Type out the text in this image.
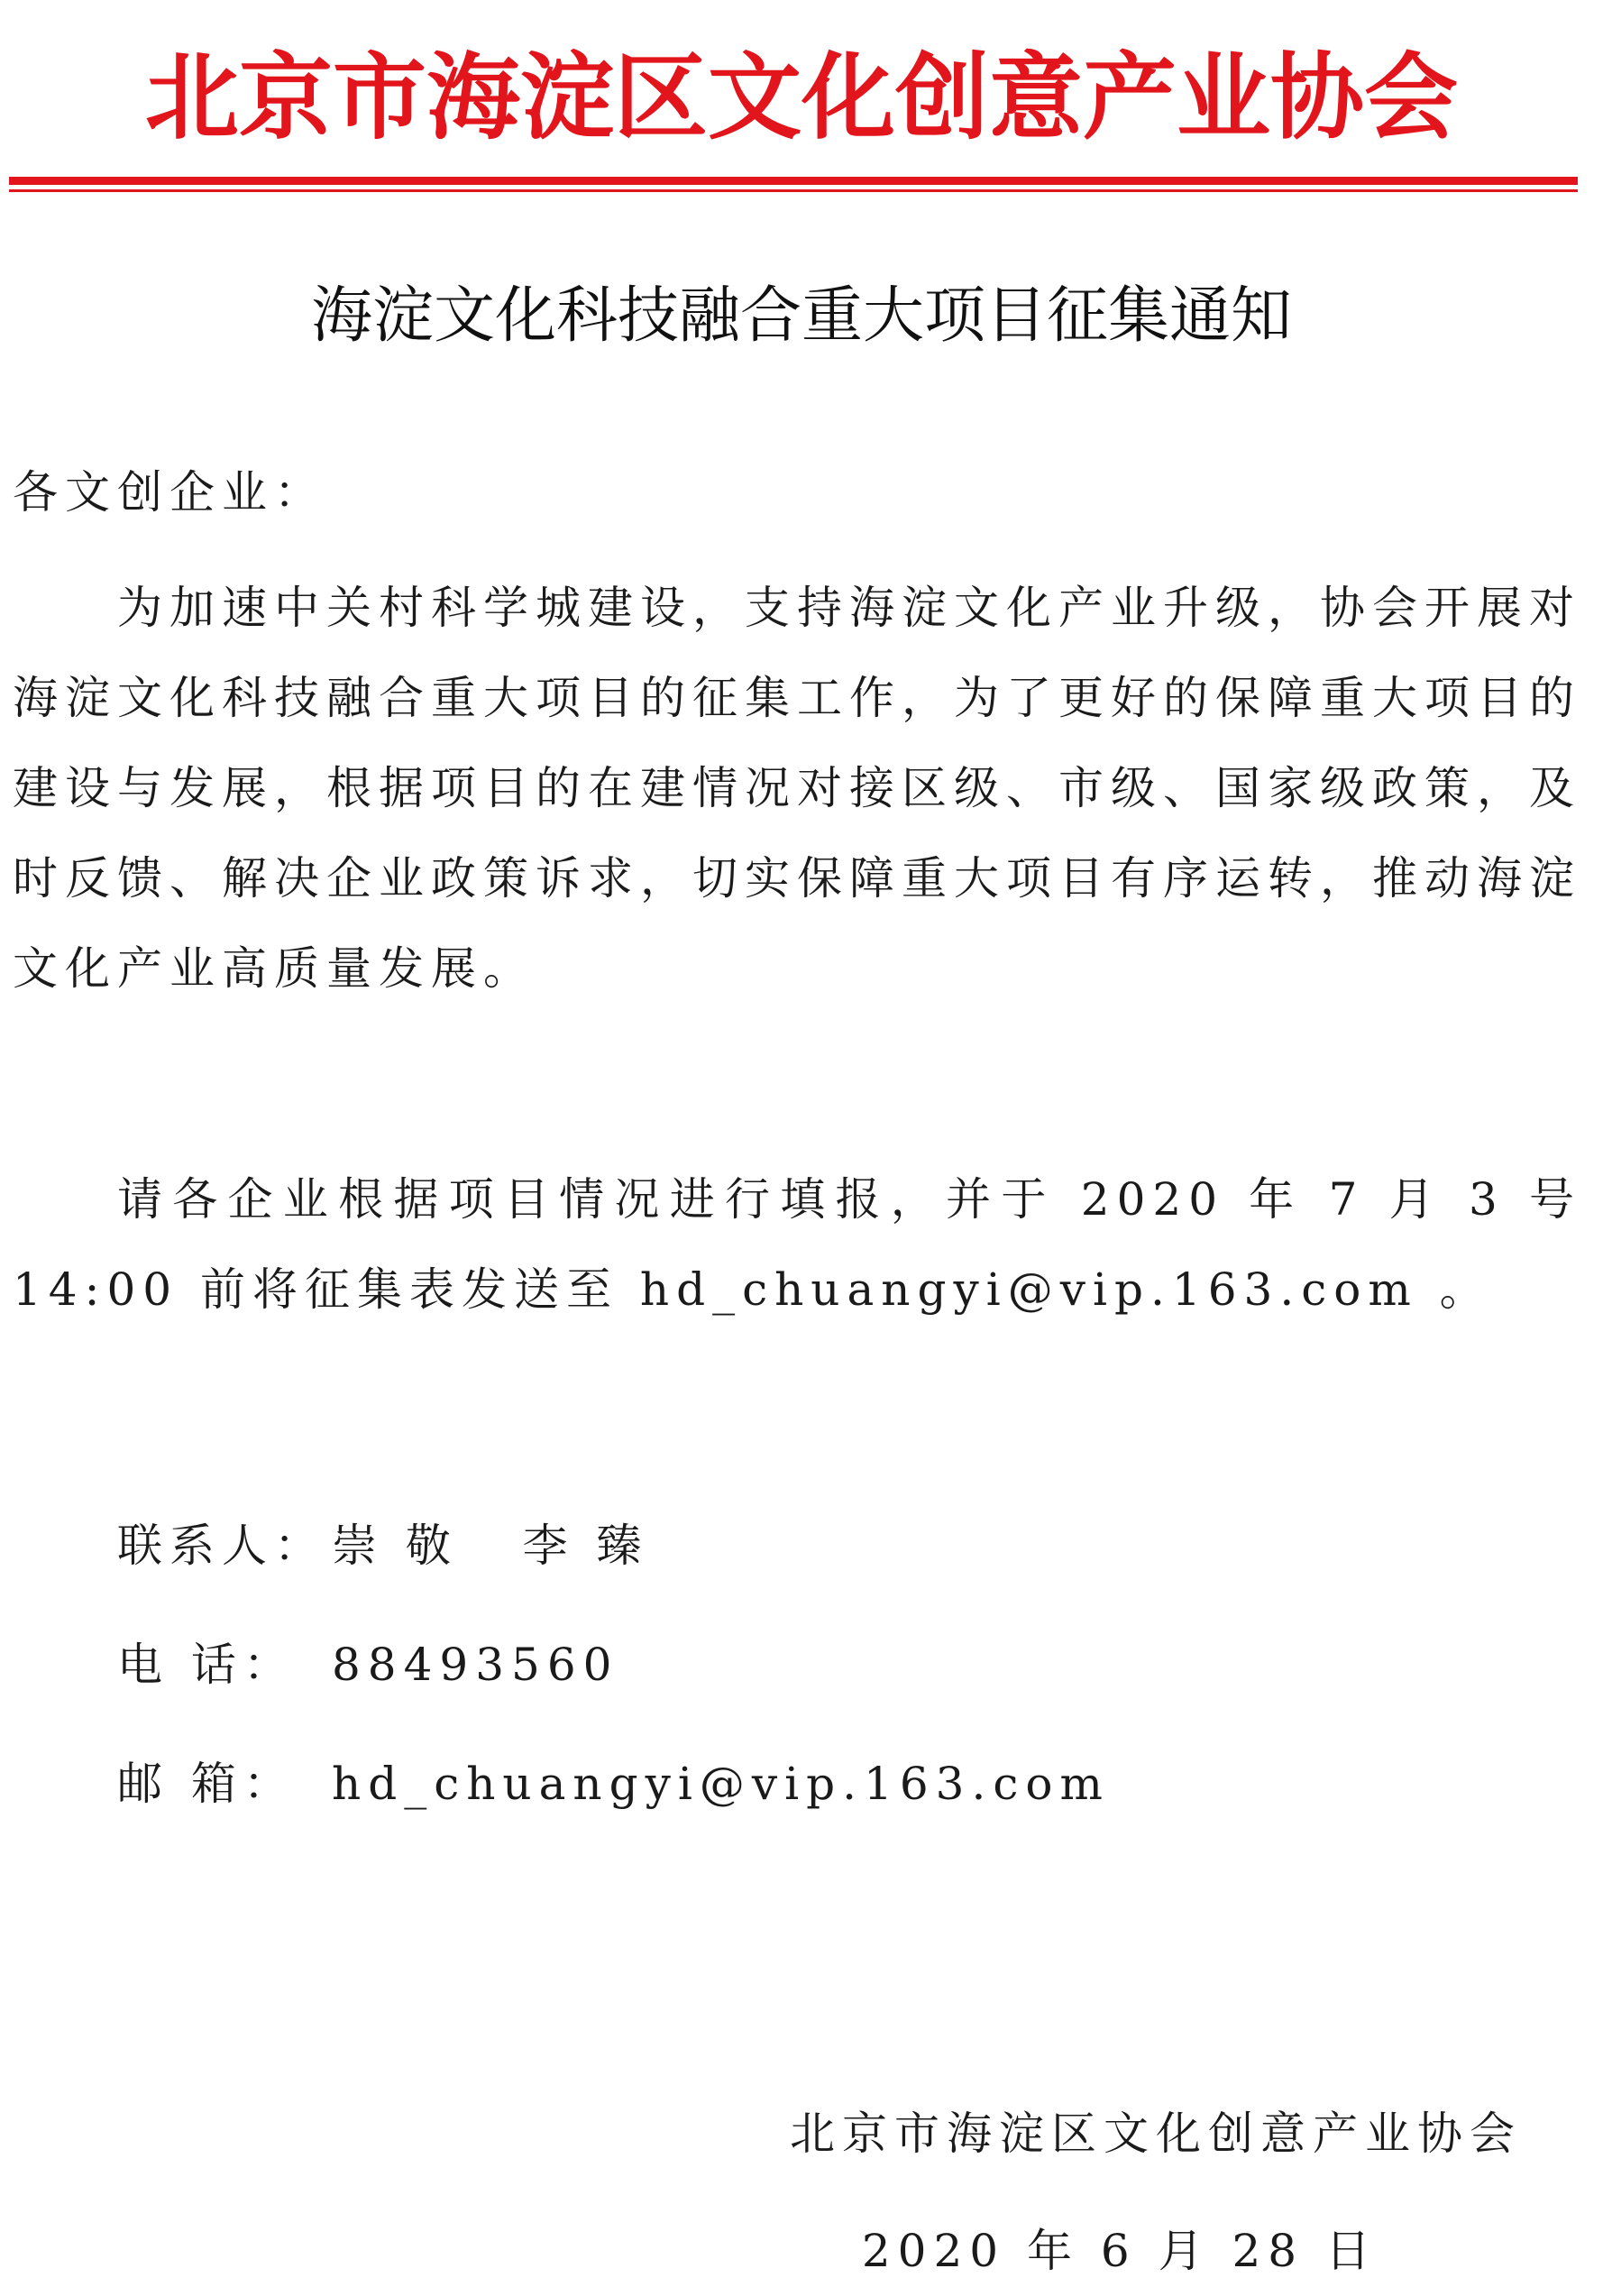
北京市海淀区文化创意产业协会
海淀文化科技融合重大项目征集通知
各文创企业：
为加速中关村科学城建设，支持海淀文化产业升级，协会开展对海淀文化科技融合重大项目的征集工作，为了更好的保障重大项目的建设与发展，根据项目的在建情况对接区级、市级、国家级政策，及时反馈、解决企业政策诉求，切实保障重大项目有序运转，推动海淀文化产业高质量发展。
请各企业根据项目情况进行填报，并于 2020 年 7 月 3 号 14:00 前将征集表发送至 hd_chuangyi@vip.163.com 。
联系人： 崇 敬   李 臻
电 话： 88493560
邮 箱： hd_chuangyi@vip.163.com
北京市海淀区文化创意产业协会
2020 年 6 月 28 日
